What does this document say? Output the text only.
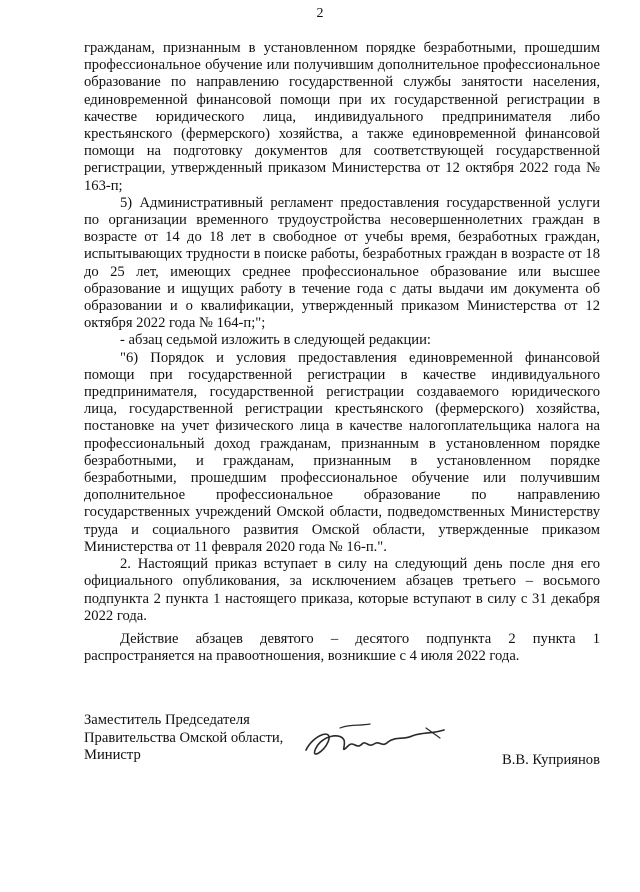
2

гражданам, признанным в установленном порядке безработными, прошедшим профессиональное обучение или получившим дополнительное профессиональное образование по направлению государственной службы занятости населения, единовременной финансовой помощи при их государственной регистрации в качестве юридического лица, индивидуального предпринимателя либо крестьянского (фермерского) хозяйства, а также единовременной финансовой помощи на подготовку документов для соответствующей государственной регистрации, утвержденный приказом Министерства от 12 октября 2022 года № 163-п;

5) Административный регламент предоставления государственной услуги по организации временного трудоустройства несовершеннолетних граждан в возрасте от 14 до 18 лет в свободное от учебы время, безработных граждан, испытывающих трудности в поиске работы, безработных граждан в возрасте от 18 до 25 лет, имеющих среднее профессиональное образование или высшее образование и ищущих работу в течение года с даты выдачи им документа об образовании и о квалификации, утвержденный приказом Министерства от 12 октября 2022 года № 164-п;";

- абзац седьмой изложить в следующей редакции:

"6) Порядок и условия предоставления единовременной финансовой помощи при государственной регистрации в качестве индивидуального предпринимателя, государственной регистрации создаваемого юридического лица, государственной регистрации крестьянского (фермерского) хозяйства, постановке на учет физического лица в качестве налогоплательщика налога на профессиональный доход гражданам, признанным в установленном порядке безработными, и гражданам, признанным в установленном порядке безработными, прошедшим профессиональное обучение или получившим дополнительное профессиональное образование по направлению государственных учреждений Омской области, подведомственных Министерству труда и социального развития Омской области, утвержденные приказом Министерства от 11 февраля 2020 года № 16-п.".

2. Настоящий приказ вступает в силу на следующий день после дня его официального опубликования, за исключением абзацев третьего – восьмого подпункта 2 пункта 1 настоящего приказа, которые вступают в силу с 31 декабря 2022 года.

Действие абзацев девятого – десятого подпункта 2 пункта 1 распространяется на правоотношения, возникшие с 4 июля 2022 года.

Заместитель Председателя
Правительства Омской области,
Министр	В.В. Куприянов
